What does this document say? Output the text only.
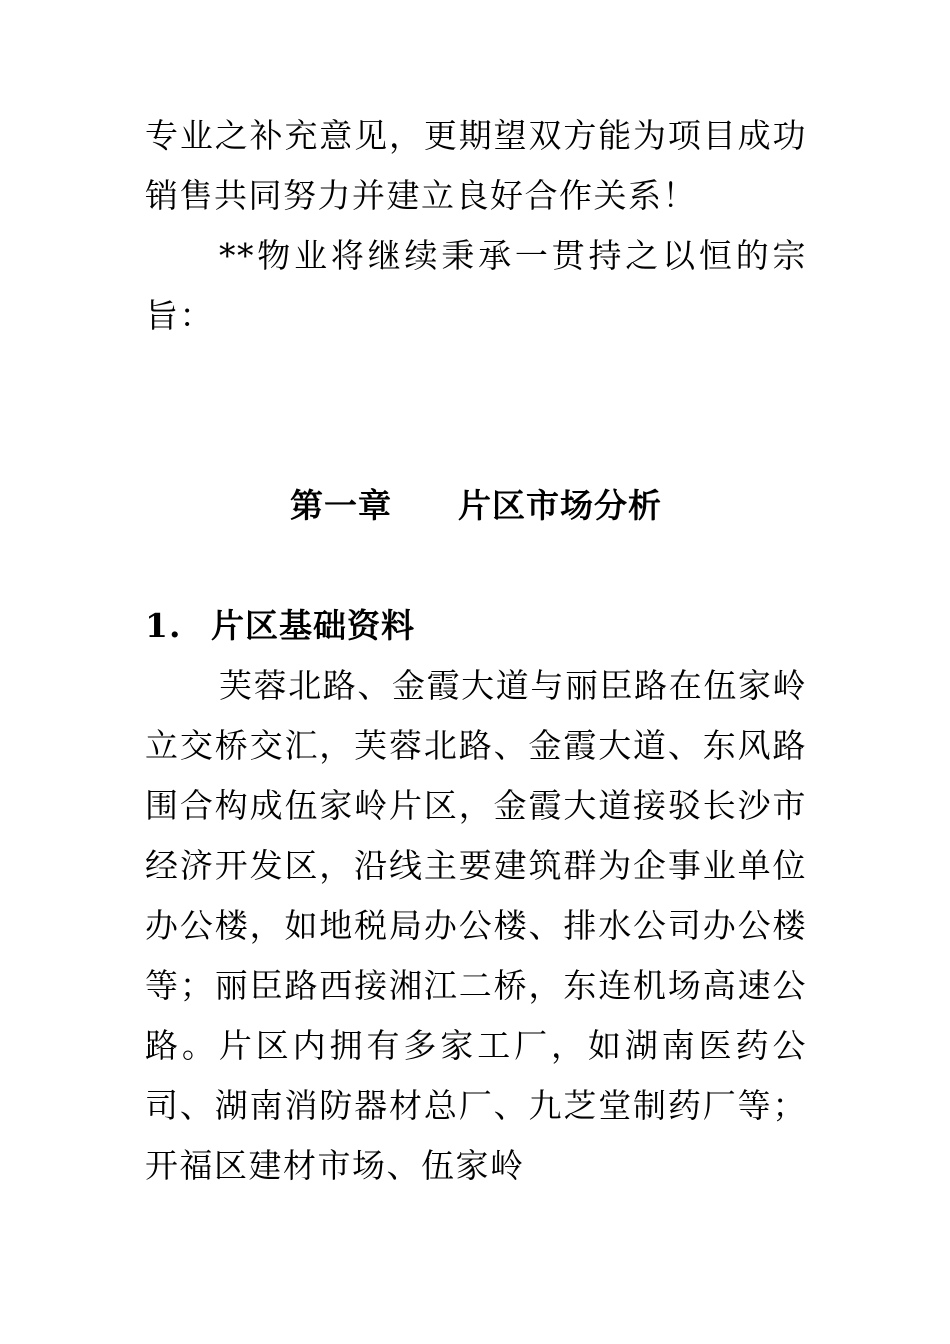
专业之补充意见，更期望双方能为项目成功销售共同努力并建立良好合作关系！

**物业将继续秉承一贯持之以恒的宗旨：

第一章 片区市场分析
1. 片区基础资料

芙蓉北路、金霞大道与丽臣路在伍家岭立交桥交汇，芙蓉北路、金霞大道、东风路围合构成伍家岭片区，金霞大道接驳长沙市经济开发区，沿线主要建筑群为企事业单位办公楼，如地税局办公楼、排水公司办公楼等；丽臣路西接湘江二桥，东连机场高速公路。片区内拥有多家工厂，如湖南医药公司、湖南消防器材总厂、九芝堂制药厂等；开福区建材市场、伍家岭
